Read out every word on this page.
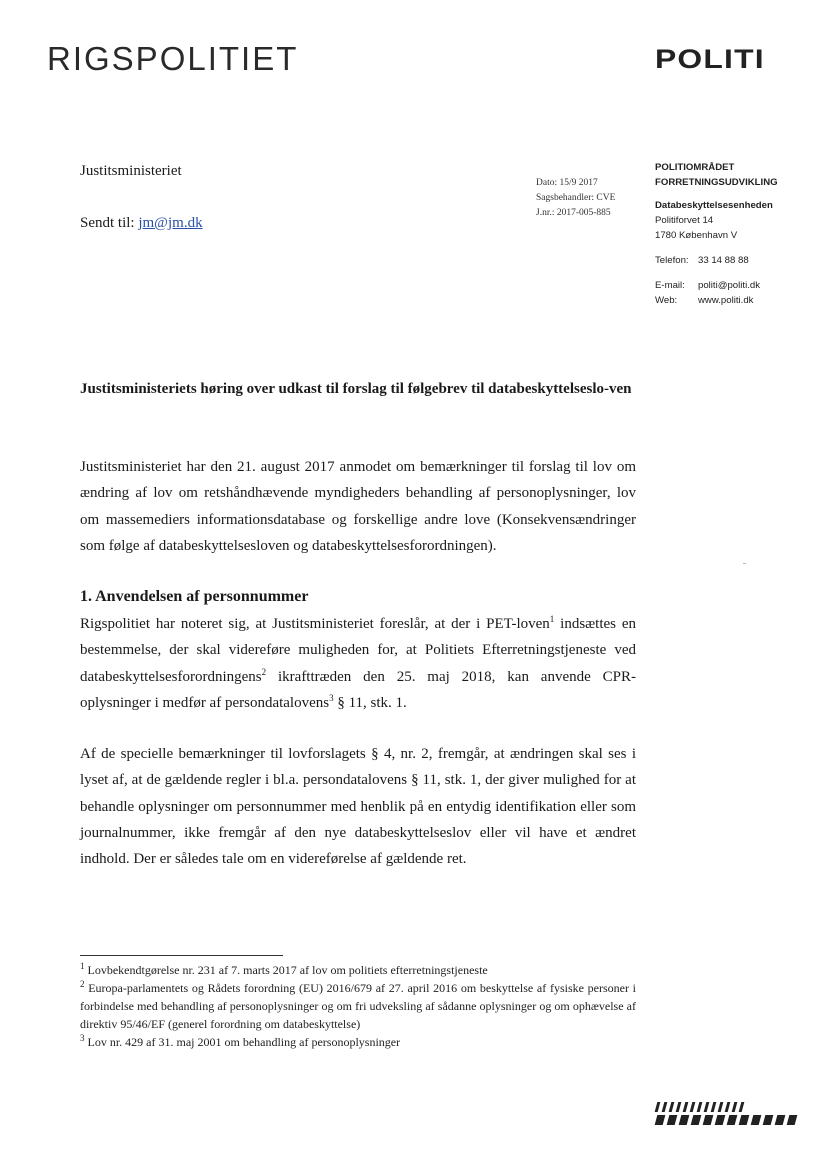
RIGSPOLITIET	POLITI
Justitsministeriet
Sendt til: jm@jm.dk
Dato: 15/9 2017
Sagsbehandler: CVE
J.nr.: 2017-005-885
POLITIOMRÅDET
FORRETNINGSUDVIKLING
Databeskyttelsesenheden
Politiforvet 14
1780 København V
Telefon: 33 14 88 88
E-mail:	politi@politi.dk
Web:	www.politi.dk
Justitsministeriets høring over udkast til forslag til følgebrev til databeskyttelseslo-ven
Justitsministeriet har den 21. august 2017 anmodet om bemærkninger til forslag til lov om ændring af lov om retshåndhævende myndigheders behandling af personoplysninger, lov om massemediers informationsdatabase og forskellige andre love (Konsekvensændringer som følge af databeskyttelsesloven og databeskyttelsesforordningen).
1. Anvendelsen af personnummer
Rigspolitiet har noteret sig, at Justitsministeriet foreslår, at der i PET-loven$^1$ indsættes en bestemmelse, der skal videreføre muligheden for, at Politiets Efterretningstjeneste ved databeskyttelsesforordningens$^2$ ikrafttræden den 25. maj 2018, kan anvende CPR-oplysninger i medfør af persondatalovens$^3$ § 11, stk. 1.
Af de specielle bemærkninger til lovforslagets § 4, nr. 2, fremgår, at ændringen skal ses i lyset af, at de gældende regler i bl.a. persondatalovens § 11, stk. 1, der giver mulighed for at behandle oplysninger om personnummer med henblik på en entydig identifikation eller som journalnummer, ikke fremgår af den nye databeskyttelseslov eller vil have et ændret indhold. Der er således tale om en videreførelse af gældende ret.
$^1$ Lovbekendtgørelse nr. 231 af 7. marts 2017 af lov om politiets efterretningstjeneste
$^2$ Europa-parlamentets og Rådets forordning (EU) 2016/679 af 27. april 2016 om beskyttelse af fysiske personer i forbindelse med behandling af personoplysninger og om fri udveksling af sådanne oplysninger og om ophævelse af direktiv 95/46/EF (generel forordning om databeskyttelse)
$^3$ Lov nr. 429 af 31. maj 2001 om behandling af personoplysninger
